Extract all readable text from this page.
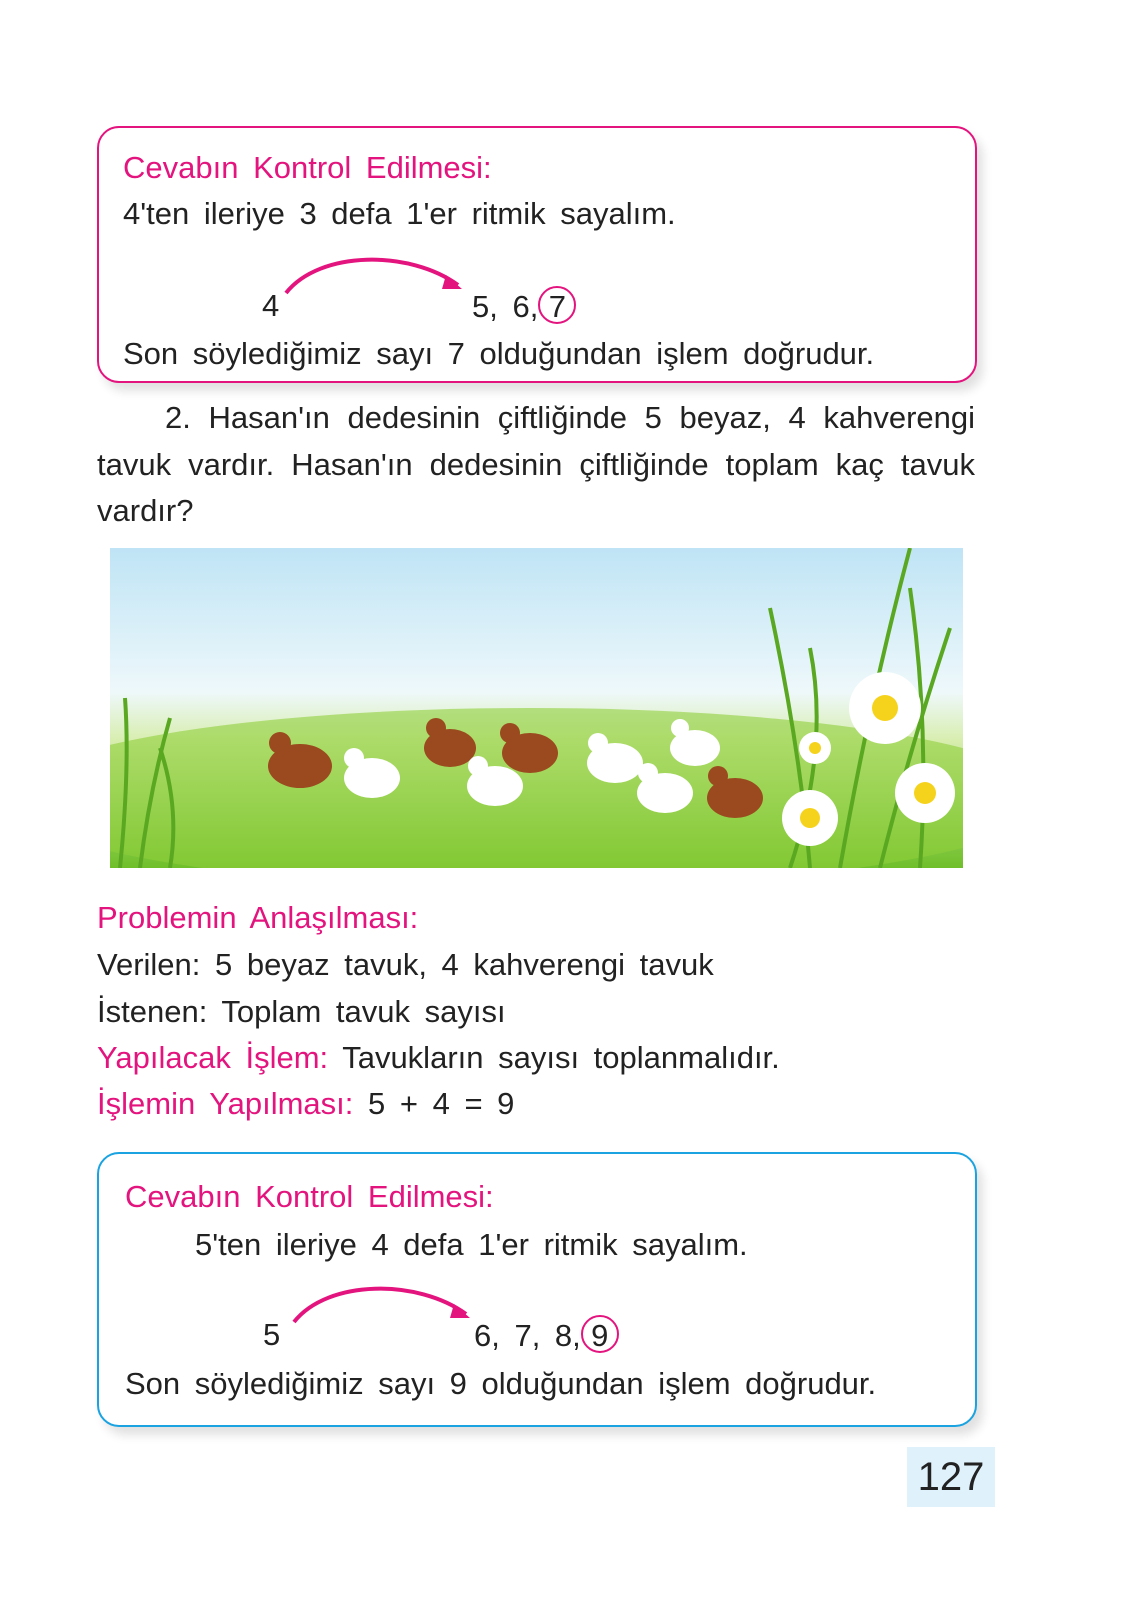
Cevabın Kontrol Edilmesi:
4'ten ileriye 3 defa 1'er ritmik sayalım.
4	5, 6, 7
Son söylediğimiz sayı 7 olduğundan işlem doğrudur.
2. Hasan'ın dedesinin çiftliğinde 5 beyaz, 4 kahverengi
tavuk vardır. Hasan'ın dedesinin çiftliğinde toplam kaç tavuk
vardır?
Problemin Anlaşılması:
Verilen: 5 beyaz tavuk, 4 kahverengi tavuk
İstenen: Toplam tavuk sayısı
Yapılacak İşlem: Tavukların sayısı toplanmalıdır.
İşlemin Yapılması: 5 + 4 = 9
Cevabın Kontrol Edilmesi:
5'ten ileriye 4 defa 1'er ritmik sayalım.
5	6, 7, 8, 9
Son söylediğimiz sayı 9 olduğundan işlem doğrudur.
127
